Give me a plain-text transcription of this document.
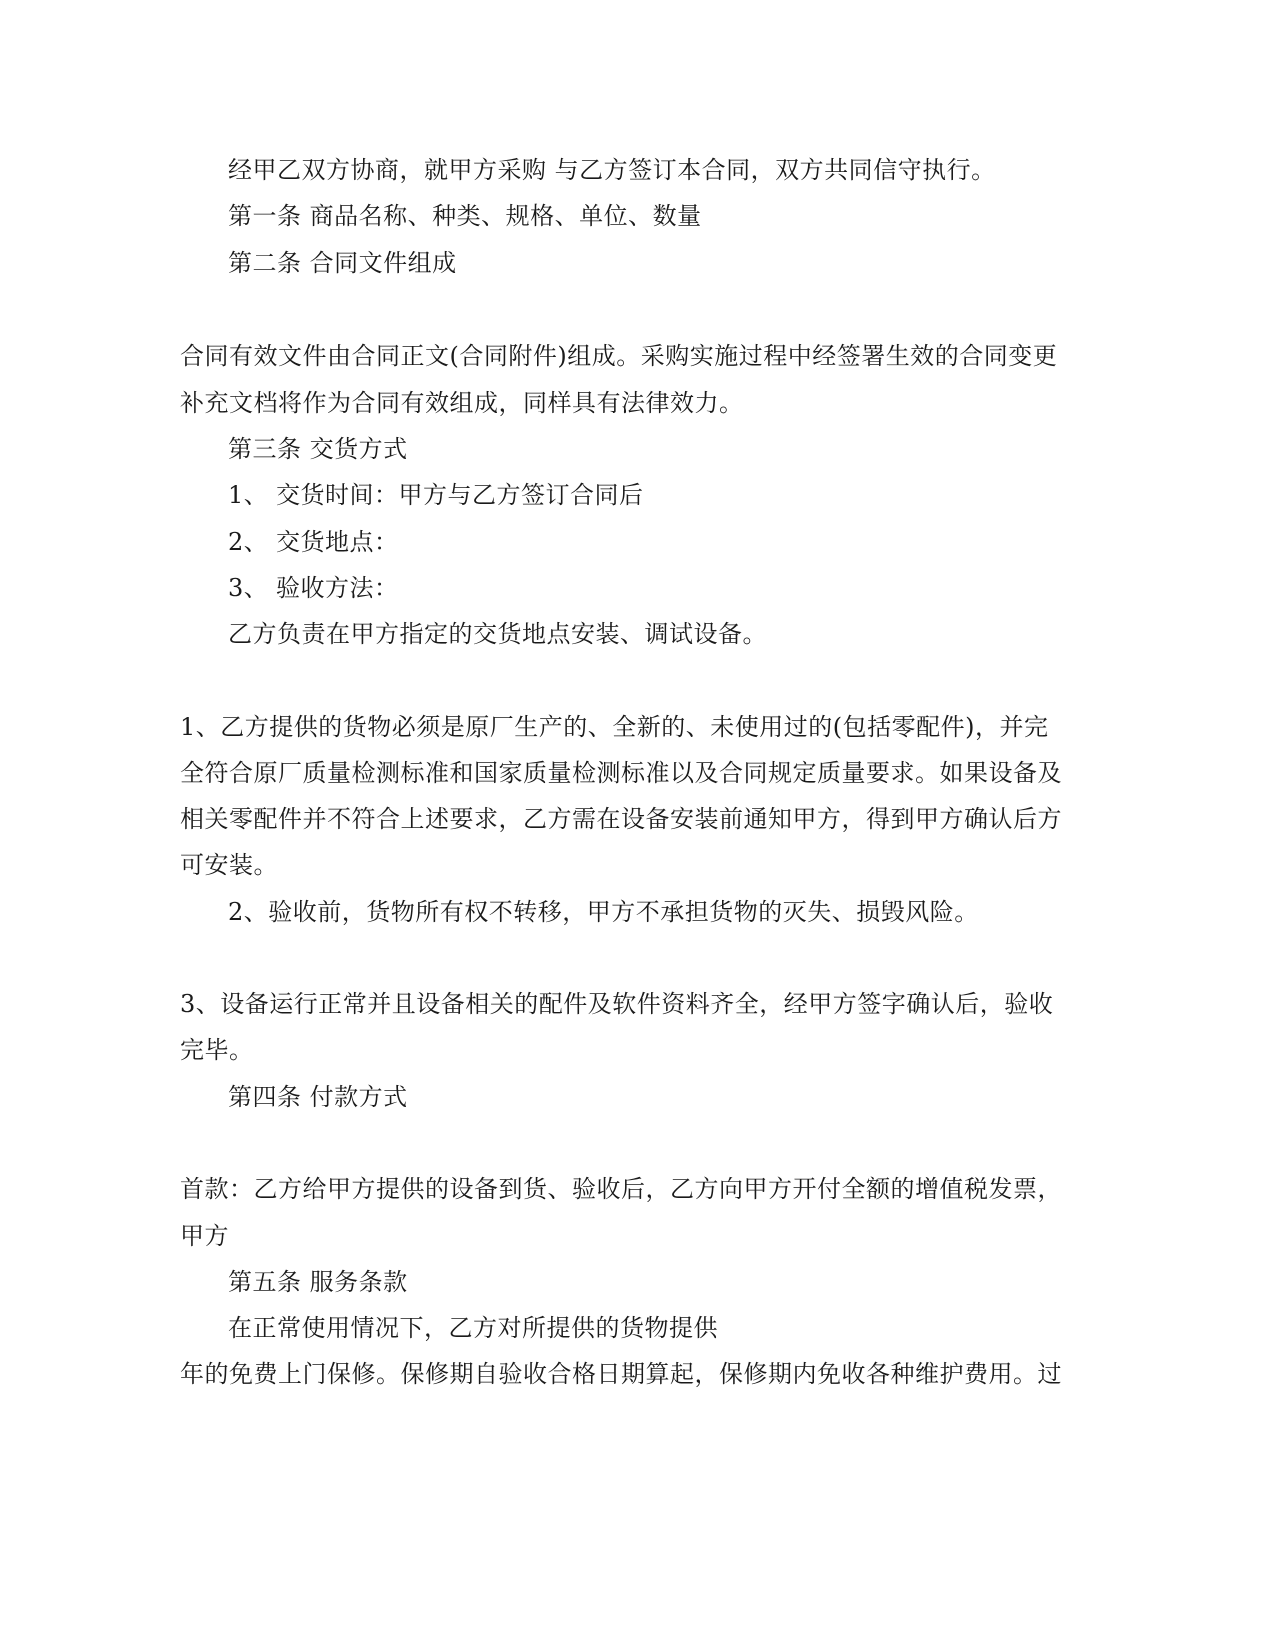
经甲乙双方协商，就甲方采购 与乙方签订本合同，双方共同信守执行。
第一条 商品名称、种类、规格、单位、数量
第二条 合同文件组成
合同有效文件由合同正文(合同附件)组成。采购实施过程中经签署生效的合同变更
补充文档将作为合同有效组成，同样具有法律效力。
第三条 交货方式
1、 交货时间：甲方与乙方签订合同后
2、 交货地点：
3、 验收方法：
乙方负责在甲方指定的交货地点安装、调试设备。
1、乙方提供的货物必须是原厂生产的、全新的、未使用过的(包括零配件)，并完
全符合原厂质量检测标准和国家质量检测标准以及合同规定质量要求。如果设备及
相关零配件并不符合上述要求，乙方需在设备安装前通知甲方，得到甲方确认后方
可安装。
2、验收前，货物所有权不转移，甲方不承担货物的灭失、损毁风险。
3、设备运行正常并且设备相关的配件及软件资料齐全，经甲方签字确认后，验收
完毕。
第四条 付款方式
首款：乙方给甲方提供的设备到货、验收后，乙方向甲方开付全额的增值税发票，
甲方
第五条 服务条款
在正常使用情况下，乙方对所提供的货物提供
年的免费上门保修。保修期自验收合格日期算起，保修期内免收各种维护费用。过
